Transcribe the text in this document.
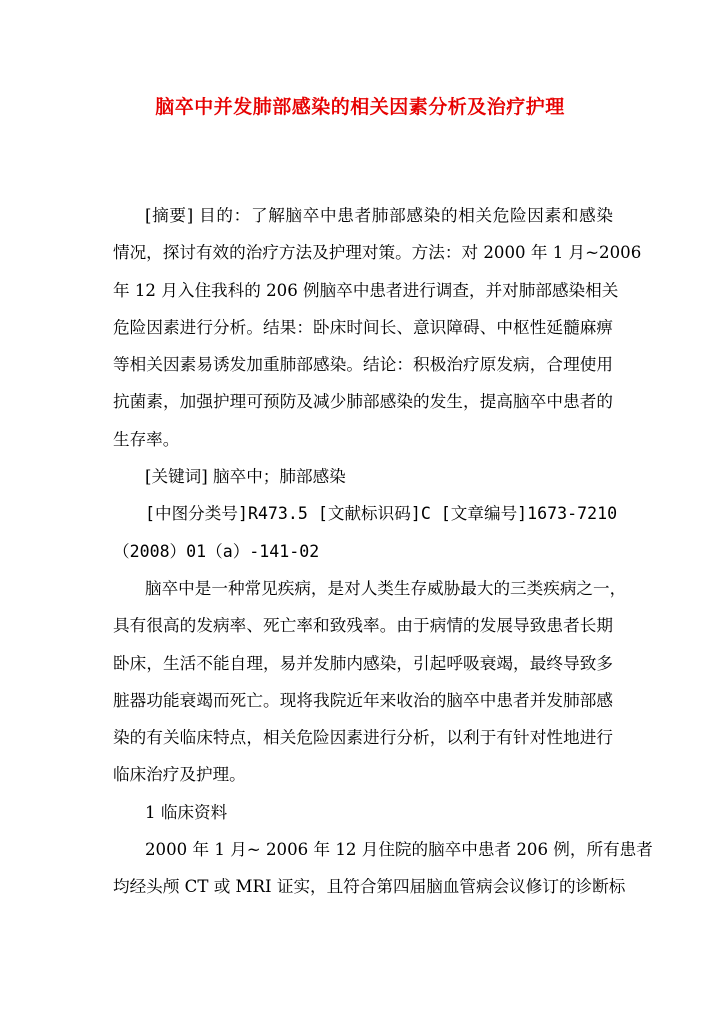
脑卒中并发肺部感染的相关因素分析及治疗护理

[摘要] 目的：了解脑卒中患者肺部感染的相关危险因素和感染
情况，探讨有效的治疗方法及护理对策。方法：对 2000 年 1 月~2006
年 12 月入住我科的 206 例脑卒中患者进行调查，并对肺部感染相关
危险因素进行分析。结果：卧床时间长、意识障碍、中枢性延髓麻痹
等相关因素易诱发加重肺部感染。结论：积极治疗原发病，合理使用
抗菌素，加强护理可预防及减少肺部感染的发生，提高脑卒中患者的
生存率。

[关键词] 脑卒中；肺部感染

[中图分类号]R473.5 [文献标识码]C [文章编号]1673-7210
（2008）01（a）-141-02

脑卒中是一种常见疾病，是对人类生存威胁最大的三类疾病之一，
具有很高的发病率、死亡率和致残率。由于病情的发展导致患者长期
卧床，生活不能自理，易并发肺内感染，引起呼吸衰竭，最终导致多
脏器功能衰竭而死亡。现将我院近年来收治的脑卒中患者并发肺部感
染的有关临床特点，相关危险因素进行分析，以利于有针对性地进行
临床治疗及护理。

1 临床资料

2000 年 1 月~ 2006 年 12 月住院的脑卒中患者 206 例，所有患者
均经头颅 CT 或 MRI 证实，且符合第四届脑血管病会议修订的诊断标
